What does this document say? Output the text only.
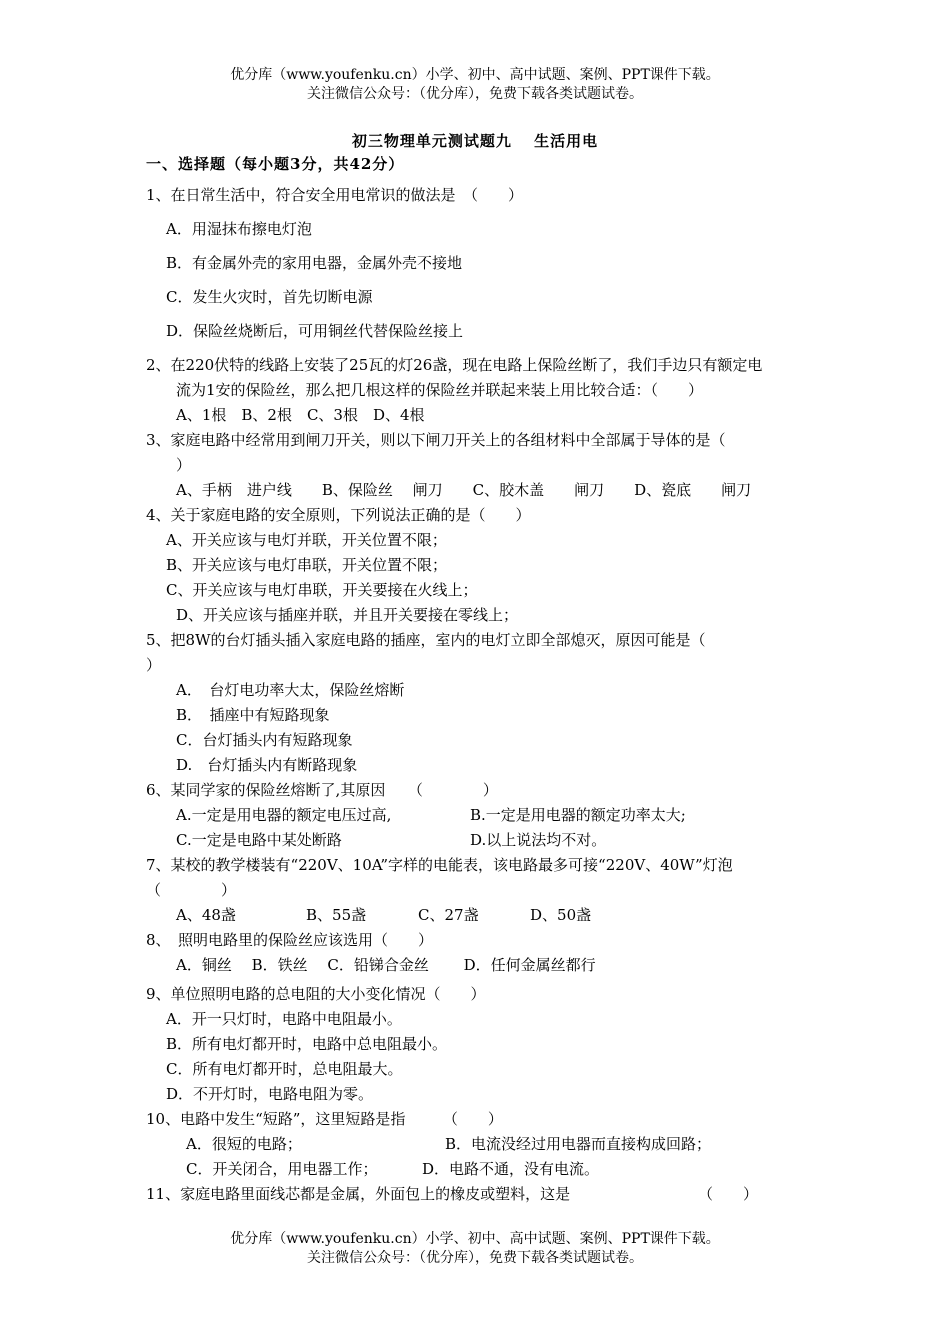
优分库（www.youfenku.cn）小学、初中、高中试题、案例、PPT课件下载。
关注微信公众号：（优分库），免费下载各类试题试卷。
初三物理单元测试题九　 生活用电
一、选择题（每小题3分，共42分）
1、在日常生活中，符合安全用电常识的做法是　（　　）
A．用湿抹布擦电灯泡
B．有金属外壳的家用电器，金属外壳不接地
C．发生火灾时，首先切断电源
D．保险丝烧断后，可用铜丝代替保险丝接上
2、在220伏特的线路上安装了25瓦的灯26盏，现在电路上保险丝断了，我们手边只有额定电
流为1安的保险丝，那么把几根这样的保险丝并联起来装上用比较合适：（　　）
A、1根　B、2根　C、3根　D、4根
3、家庭电路中经常用到闸刀开关，则以下闸刀开关上的各组材料中全部属于导体的是（
）
A、手柄　进户线　　B、保险丝　 闸刀　　C、胶木盖　　闸刀　　D、瓷底　　闸刀
4、关于家庭电路的安全原则，下列说法正确的是（　　）
A、开关应该与电灯并联，开关位置不限；
B、开关应该与电灯串联，开关位置不限；
C、开关应该与电灯串联，开关要接在火线上；
D、开关应该与插座并联，并且开关要接在零线上；
5、把8W的台灯插头插入家庭电路的插座，室内的电灯立即全部熄灭，原因可能是（
）
A．　台灯电功率大太，保险丝熔断
B．　插座中有短路现象
C．台灯插头内有短路现象
D.　台灯插头内有断路现象
6、某同学家的保险丝熔断了,其原因　　（　　　　）
A.一定是用电器的额定电压过高,	B.一定是用电器的额定功率太大;
C.一定是电路中某处断路	D.以上说法均不对。
7、某校的教学楼装有“220V、10A”字样的电能表，该电路最多可接“220V、40W”灯泡
（　　　　）
A、48盏	B、55盏	C、27盏	D、50盏
8、　照明电路里的保险丝应该选用（　　）
A．铜丝　 B．铁丝　 C．铅锑合金丝　　 D．任何金属丝都行
9、单位照明电路的总电阻的大小变化情况（　　）
A．开一只灯时，电路中电阻最小。
B．所有电灯都开时，电路中总电阻最小。
C．所有电灯都开时，总电阻最大。
D．不开灯时，电路电阻为零。
10、电路中发生“短路”，这里短路是指　　　（　　）
A．很短的电路；	B．电流没经过用电器而直接构成回路；
C．开关闭合，用电器工作；	D．电路不通，没有电流。
11、家庭电路里面线芯都是金属，外面包上的橡皮或塑料，这是	（　　）
优分库（www.youfenku.cn）小学、初中、高中试题、案例、PPT课件下载。
关注微信公众号：（优分库），免费下载各类试题试卷。
